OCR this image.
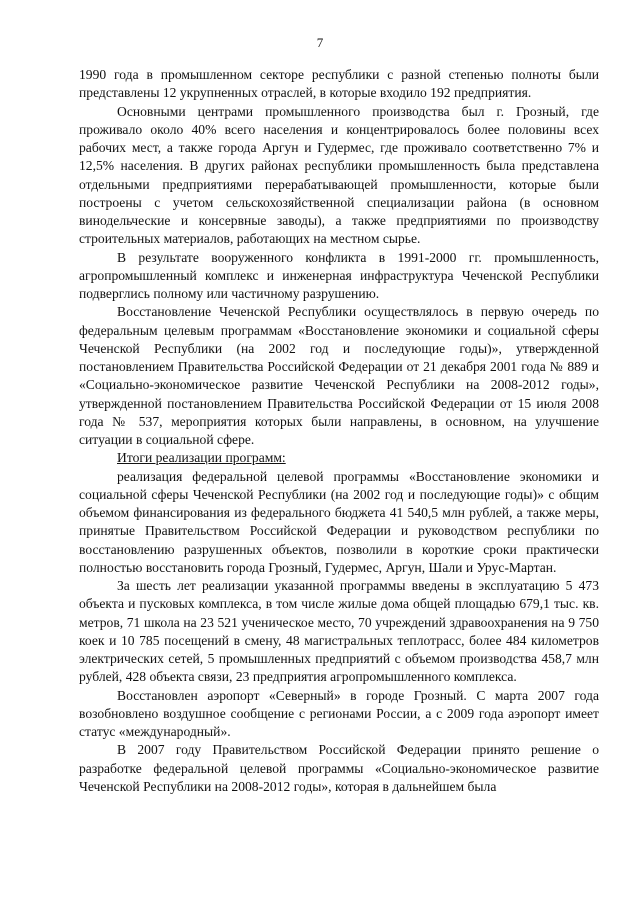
7

1990 года в промышленном секторе республики с разной степенью полноты были представлены 12 укрупненных отраслей, в которые входило 192 предприятия.

Основными центрами промышленного производства был г. Грозный, где проживало около 40% всего населения и концентрировалось более половины всех рабочих мест, а также города Аргун и Гудермес, где проживало соответственно 7% и 12,5% населения. В других районах республики промышленность была представлена отдельными предприятиями перерабатывающей промышленности, которые были построены с учетом сельскохозяйственной специализации района (в основном винодельческие и консервные заводы), а также предприятиями по производству строительных материалов, работающих на местном сырье.

В результате вооруженного конфликта в 1991-2000 гг. промышленность, агропромышленный комплекс и инженерная инфраструктура Чеченской Республики подверглись полному или частичному разрушению.

Восстановление Чеченской Республики осуществлялось в первую очередь по федеральным целевым программам «Восстановление экономики и социальной сферы Чеченской Республики (на 2002 год и последующие годы)», утвержденной постановлением Правительства Российской Федерации от 21 декабря 2001 года № 889 и «Социально-экономическое развитие Чеченской Республики на 2008-2012 годы», утвержденной постановлением Правительства Российской Федерации от 15 июля 2008 года № 537, мероприятия которых были направлены, в основном, на улучшение ситуации в социальной сфере.

Итоги реализации программ:

реализация федеральной целевой программы «Восстановление экономики и социальной сферы Чеченской Республики (на 2002 год и последующие годы)» с общим объемом финансирования из федерального бюджета 41 540,5 млн рублей, а также меры, принятые Правительством Российской Федерации и руководством республики по восстановлению разрушенных объектов, позволили в короткие сроки практически полностью восстановить города Грозный, Гудермес, Аргун, Шали и Урус-Мартан.

За шесть лет реализации указанной программы введены в эксплуатацию 5 473 объекта и пусковых комплекса, в том числе жилые дома общей площадью 679,1 тыс. кв. метров, 71 школа на 23 521 ученическое место, 70 учреждений здравоохранения на 9 750 коек и 10 785 посещений в смену, 48 магистральных теплотрасс, более 484 километров электрических сетей, 5 промышленных предприятий с объемом производства 458,7 млн рублей, 428 объекта связи, 23 предприятия агропромышленного комплекса.

Восстановлен аэропорт «Северный» в городе Грозный. С марта 2007 года возобновлено воздушное сообщение с регионами России, а с 2009 года аэропорт имеет статус «международный».

В 2007 году Правительством Российской Федерации принято решение о разработке федеральной целевой программы «Социально-экономическое развитие Чеченской Республики на 2008-2012 годы», которая в дальнейшем была
